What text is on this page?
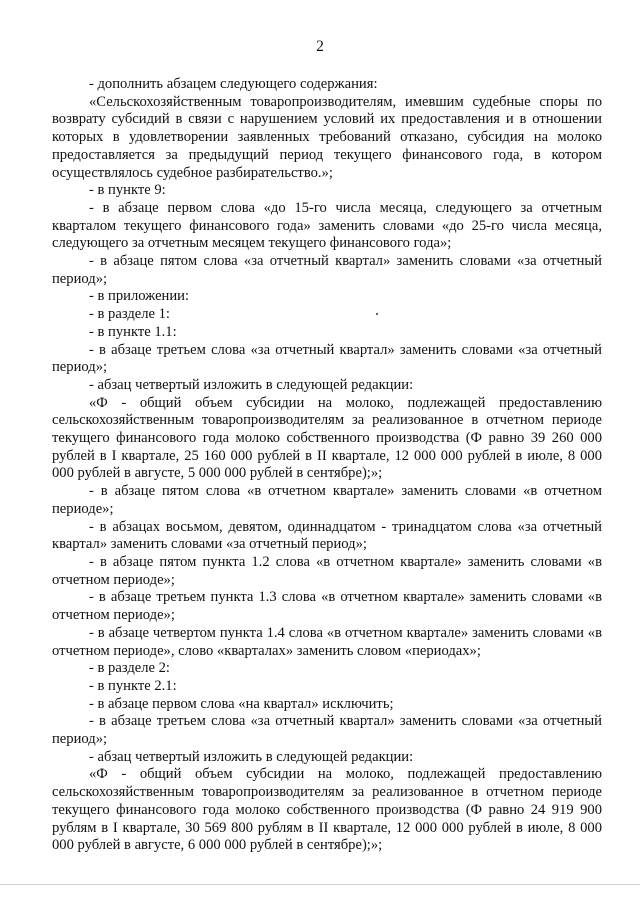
2

- дополнить абзацем следующего содержания:

«Сельскохозяйственным товаропроизводителям, имевшим судебные споры по возврату субсидий в связи с нарушением условий их предоставления и в отношении которых в удовлетворении заявленных требований отказано, субсидия на молоко предоставляется за предыдущий период текущего финансового года, в котором осуществлялось судебное разбирательство.»;

- в пункте 9:

- в абзаце первом слова «до 15-го числа месяца, следующего за отчетным кварталом текущего финансового года» заменить словами «до 25-го числа месяца, следующего за отчетным месяцем текущего финансового года»;

- в абзаце пятом слова «за отчетный квартал» заменить словами «за отчетный период»;

- в приложении:

- в разделе 1:

- в пункте 1.1:

- в абзаце третьем слова «за отчетный квартал» заменить словами «за отчетный период»;

- абзац четвертый изложить в следующей редакции:

«Ф - общий объем субсидии на молоко, подлежащей предоставлению сельскохозяйственным товаропроизводителям за реализованное в отчетном периоде текущего финансового года молоко собственного производства (Ф равно 39 260 000 рублей в I квартале, 25 160 000 рублей в II квартале, 12 000 000 рублей в июле, 8 000 000 рублей в августе, 5 000 000 рублей в сентябре);»;

- в абзаце пятом слова «в отчетном квартале» заменить словами «в отчетном периоде»;

- в абзацах восьмом, девятом, одиннадцатом - тринадцатом слова «за отчетный квартал» заменить словами «за отчетный период»;

- в абзаце пятом пункта 1.2 слова «в отчетном квартале» заменить словами «в отчетном периоде»;

- в абзаце третьем пункта 1.3 слова «в отчетном квартале» заменить словами «в отчетном периоде»;

- в абзаце четвертом пункта 1.4 слова «в отчетном квартале» заменить словами «в отчетном периоде», слово «кварталах» заменить словом «периодах»;

- в разделе 2:

- в пункте 2.1:

- в абзаце первом слова «на квартал» исключить;

- в абзаце третьем слова «за отчетный квартал» заменить словами «за отчетный период»;

- абзац четвертый изложить в следующей редакции:

«Ф - общий объем субсидии на молоко, подлежащей предоставлению сельскохозяйственным товаропроизводителям за реализованное в отчетном периоде текущего финансового года молоко собственного производства (Ф равно 24 919 900 рублям в I квартале, 30 569 800 рублям в II квартале, 12 000 000 рублей в июле, 8 000 000 рублей в августе, 6 000 000 рублей в сентябре);»;
